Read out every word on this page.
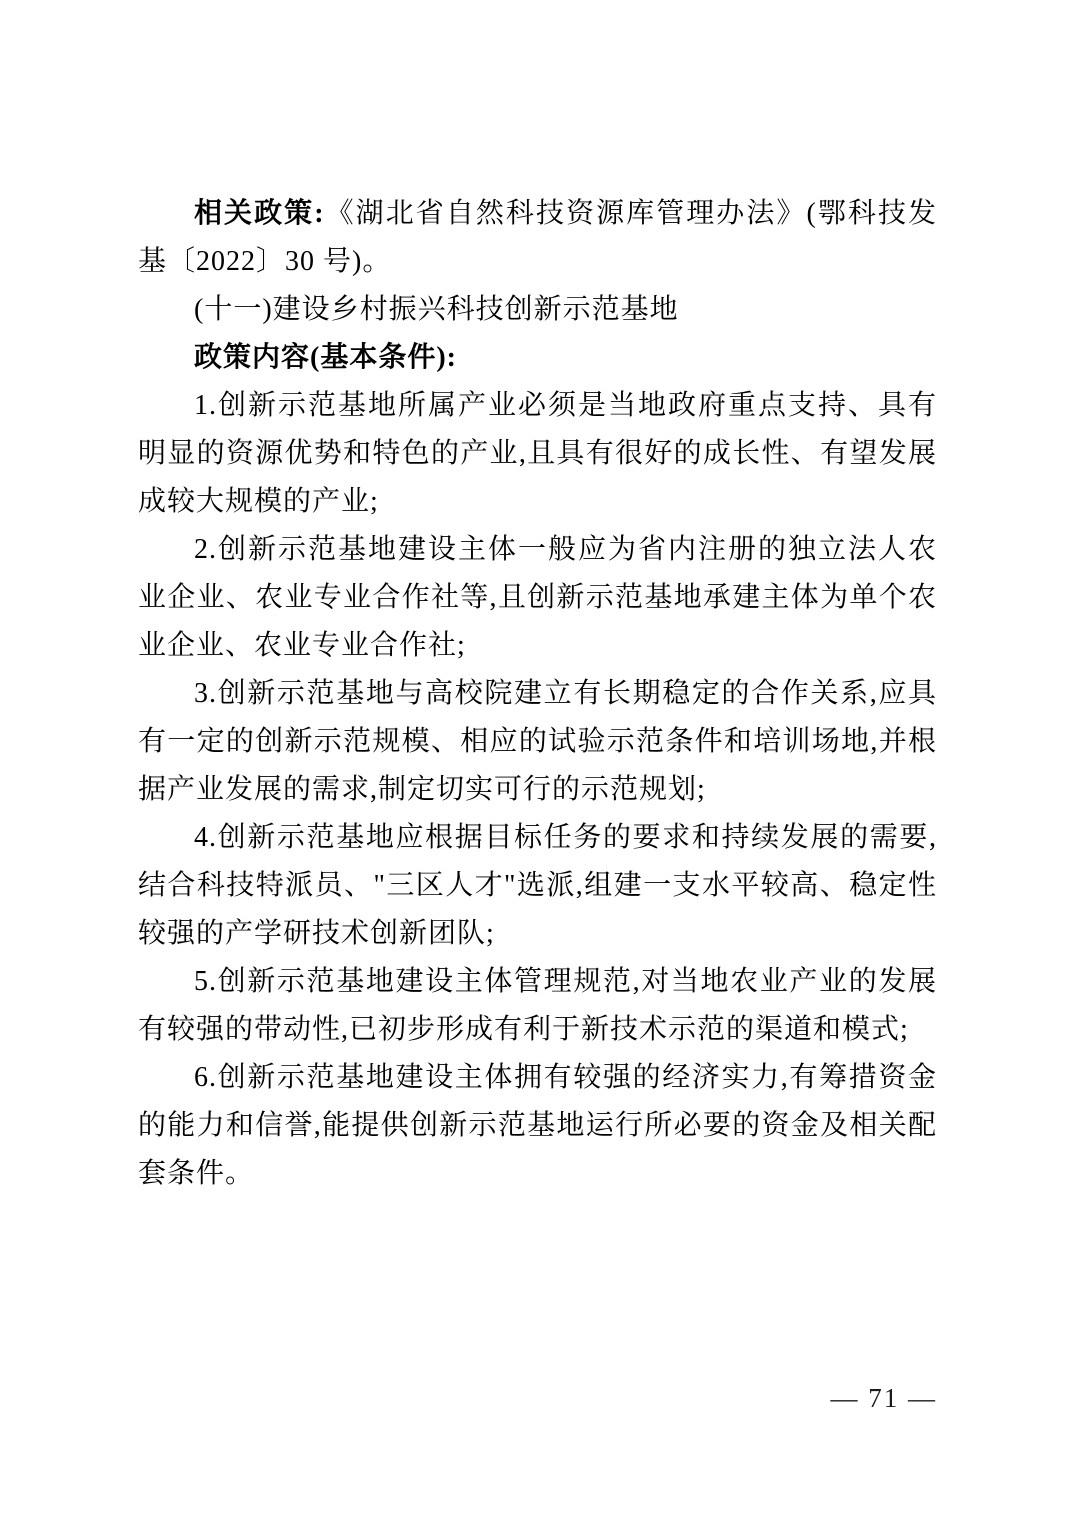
相关政策:《湖北省自然科技资源库管理办法》(鄂科技发基〔2022〕30 号)。

(十一)建设乡村振兴科技创新示范基地

政策内容(基本条件):

1.创新示范基地所属产业必须是当地政府重点支持、具有明显的资源优势和特色的产业,且具有很好的成长性、有望发展成较大规模的产业;

2.创新示范基地建设主体一般应为省内注册的独立法人农业企业、农业专业合作社等,且创新示范基地承建主体为单个农业企业、农业专业合作社;

3.创新示范基地与高校院建立有长期稳定的合作关系,应具有一定的创新示范规模、相应的试验示范条件和培训场地,并根据产业发展的需求,制定切实可行的示范规划;

4.创新示范基地应根据目标任务的要求和持续发展的需要,结合科技特派员、"三区人才"选派,组建一支水平较高、稳定性较强的产学研技术创新团队;

5.创新示范基地建设主体管理规范,对当地农业产业的发展有较强的带动性,已初步形成有利于新技术示范的渠道和模式;

6.创新示范基地建设主体拥有较强的经济实力,有筹措资金的能力和信誉,能提供创新示范基地运行所必要的资金及相关配套条件。

— 71 —
